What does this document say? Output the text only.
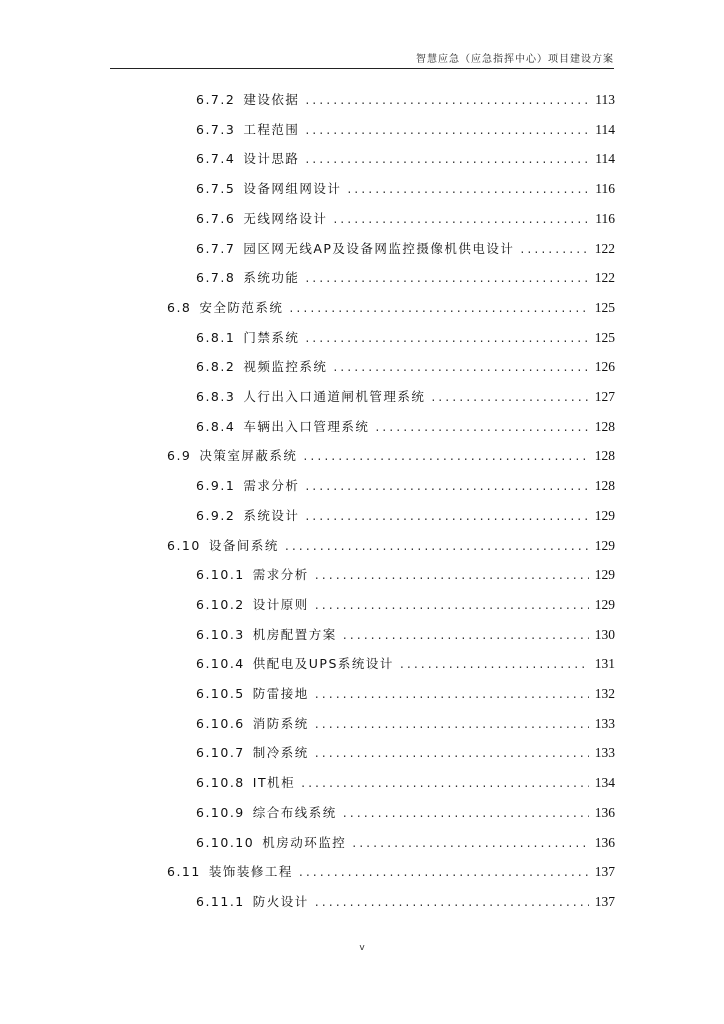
智慧应急（应急指挥中心）项目建设方案
6.7.2 建设依据 .....	113
6.7.3 工程范围 .....	114
6.7.4 设计思路 .....	114
6.7.5 设备网组网设计 .....	116
6.7.6 无线网络设计 .....	116
6.7.7 园区网无线AP及设备网监控摄像机供电设计 .....	122
6.7.8 系统功能 .....	122
6.8 安全防范系统 .....	125
6.8.1 门禁系统 .....	125
6.8.2 视频监控系统 .....	126
6.8.3 人行出入口通道闸机管理系统 .....	127
6.8.4 车辆出入口管理系统 .....	128
6.9 决策室屏蔽系统 .....	128
6.9.1 需求分析 .....	128
6.9.2 系统设计 .....	129
6.10 设备间系统 .....	129
6.10.1 需求分析 .....	129
6.10.2 设计原则 .....	129
6.10.3 机房配置方案 .....	130
6.10.4 供配电及UPS系统设计 .....	131
6.10.5 防雷接地 .....	132
6.10.6 消防系统 .....	133
6.10.7 制冷系统 .....	133
6.10.8 IT机柜 .....	134
6.10.9 综合布线系统 .....	136
6.10.10 机房动环监控 .....	136
6.11 装饰装修工程 .....	137
6.11.1 防火设计 .....	137
v
